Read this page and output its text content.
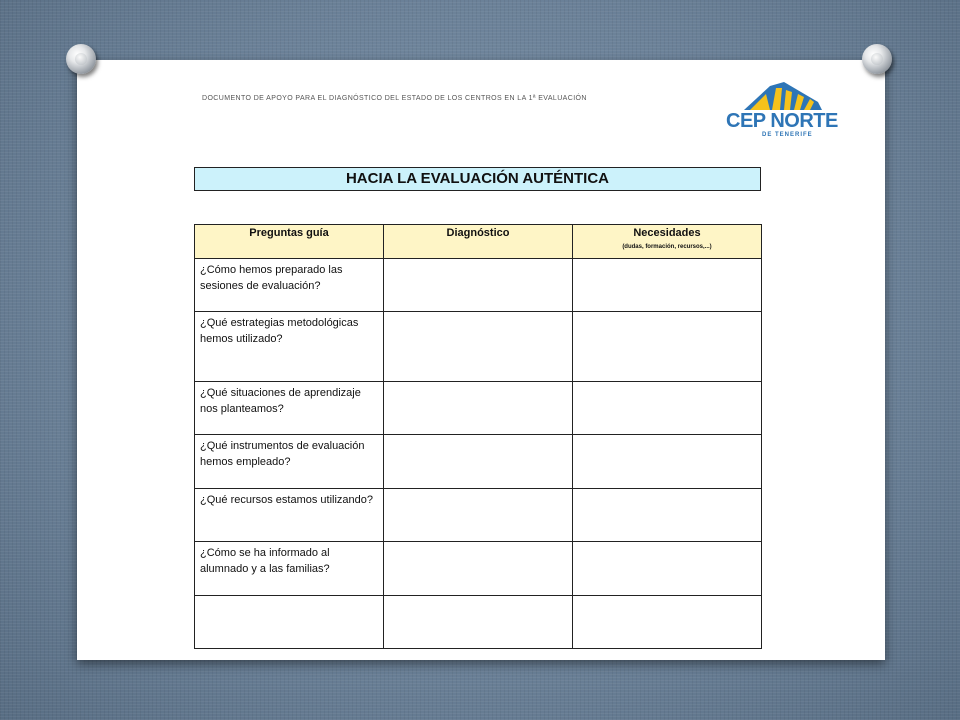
DOCUMENTO DE APOYO PARA EL DIAGNÓSTICO DEL ESTADO DE LOS CENTROS EN LA 1ª EVALUACIÓN
CEP NORTE
DE TENERIFE
HACIA LA EVALUACIÓN AUTÉNTICA
Preguntas guía	Diagnóstico	Necesidades
(dudas, formación, recursos,...)

¿Cómo hemos preparado las sesiones de evaluación?		
¿Qué estrategias metodológicas hemos utilizado?		
¿Qué situaciones de aprendizaje nos planteamos?		
¿Qué instrumentos de evaluación hemos empleado?		
¿Qué recursos estamos utilizando?		
¿Cómo se ha informado al alumnado y a las familias?		
